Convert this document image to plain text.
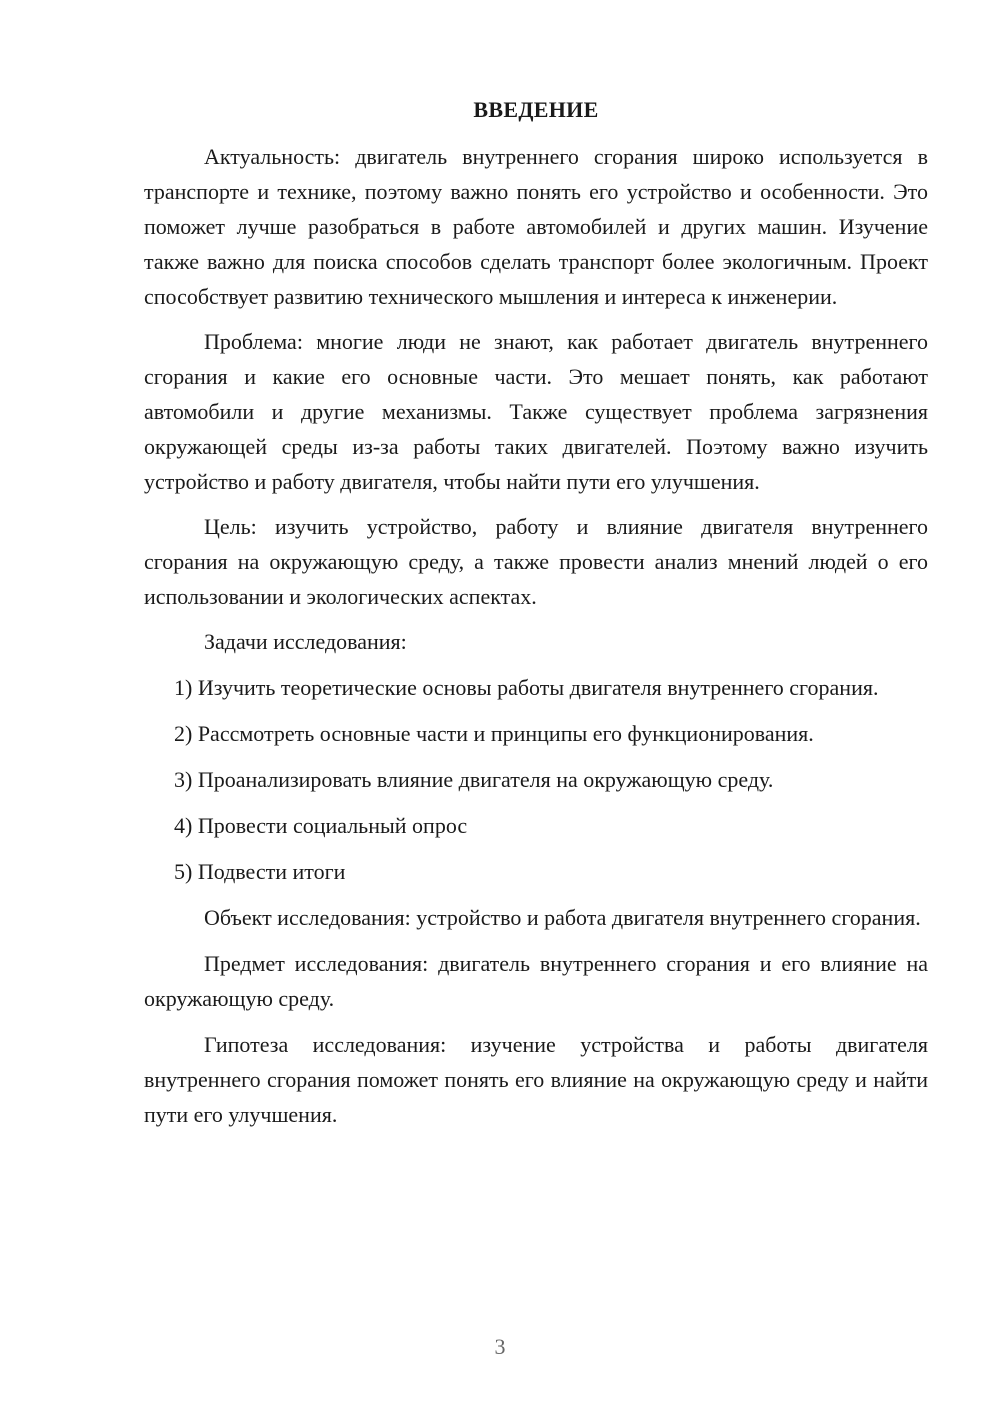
ВВЕДЕНИЕ

Актуальность: двигатель внутреннего сгорания широко используется в транспорте и технике, поэтому важно понять его устройство и особенности. Это поможет лучше разобраться в работе автомобилей и других машин. Изучение также важно для поиска способов сделать транспорт более экологичным. Проект способствует развитию технического мышления и интереса к инженерии.

Проблема: многие люди не знают, как работает двигатель внутреннего сгорания и какие его основные части. Это мешает понять, как работают автомобили и другие механизмы. Также существует проблема загрязнения окружающей среды из-за работы таких двигателей. Поэтому важно изучить устройство и работу двигателя, чтобы найти пути его улучшения.

Цель: изучить устройство, работу и влияние двигателя внутреннего сгорания на окружающую среду, а также провести анализ мнений людей о его использовании и экологических аспектах.

Задачи исследования:

1) Изучить теоретические основы работы двигателя внутреннего сгорания.

2) Рассмотреть основные части и принципы его функционирования.

3) Проанализировать влияние двигателя на окружающую среду.

4) Провести социальный опрос

5) Подвести итоги

Объект исследования: устройство и работа двигателя внутреннего сгорания.

Предмет исследования: двигатель внутреннего сгорания и его влияние на окружающую среду.

Гипотеза исследования: изучение устройства и работы двигателя внутреннего сгорания поможет понять его влияние на окружающую среду и найти пути его улучшения.

3
